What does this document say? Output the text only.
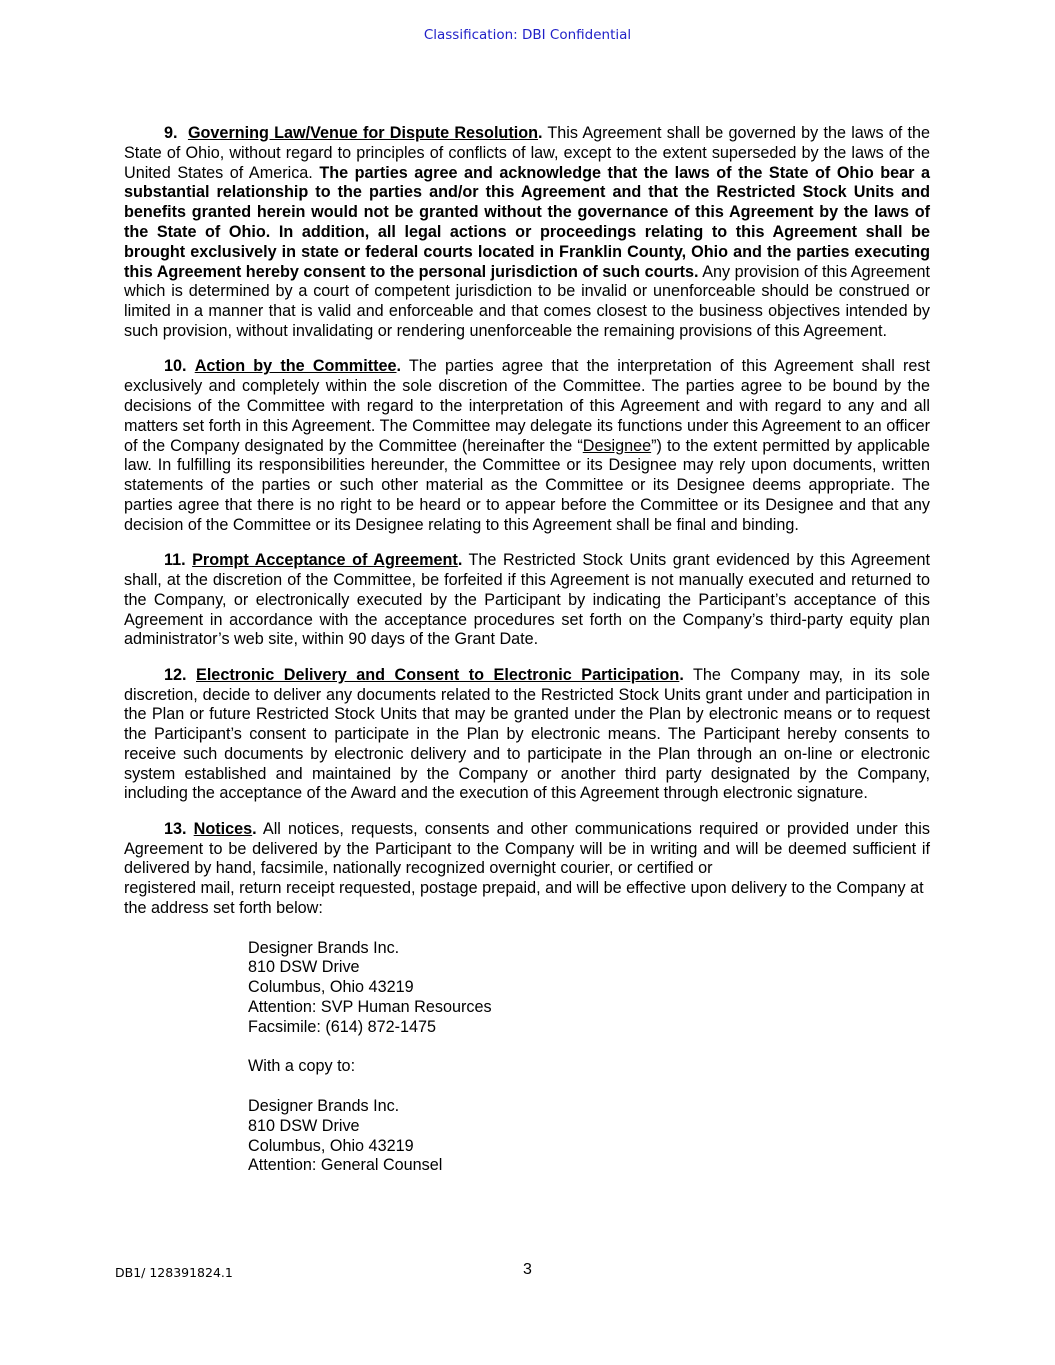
Classification: DBI Confidential

9. Governing Law/Venue for Dispute Resolution. This Agreement shall be governed by the laws of the State of Ohio, without regard to principles of conflicts of law, except to the extent superseded by the laws of the United States of America. The parties agree and acknowledge that the laws of the State of Ohio bear a substantial relationship to the parties and/or this Agreement and that the Restricted Stock Units and benefits granted herein would not be granted without the governance of this Agreement by the laws of the State of Ohio. In addition, all legal actions or proceedings relating to this Agreement shall be brought exclusively in state or federal courts located in Franklin County, Ohio and the parties executing this Agreement hereby consent to the personal jurisdiction of such courts. Any provision of this Agreement which is determined by a court of competent jurisdiction to be invalid or unenforceable should be construed or limited in a manner that is valid and enforceable and that comes closest to the business objectives intended by such provision, without invalidating or rendering unenforceable the remaining provisions of this Agreement.

10. Action by the Committee. The parties agree that the interpretation of this Agreement shall rest exclusively and completely within the sole discretion of the Committee. The parties agree to be bound by the decisions of the Committee with regard to the interpretation of this Agreement and with regard to any and all matters set forth in this Agreement. The Committee may delegate its functions under this Agreement to an officer of the Company designated by the Committee (hereinafter the “Designee”) to the extent permitted by applicable law. In fulfilling its responsibilities hereunder, the Committee or its Designee may rely upon documents, written statements of the parties or such other material as the Committee or its Designee deems appropriate. The parties agree that there is no right to be heard or to appear before the Committee or its Designee and that any decision of the Committee or its Designee relating to this Agreement shall be final and binding.

11. Prompt Acceptance of Agreement. The Restricted Stock Units grant evidenced by this Agreement shall, at the discretion of the Committee, be forfeited if this Agreement is not manually executed and returned to the Company, or electronically executed by the Participant by indicating the Participant’s acceptance of this Agreement in accordance with the acceptance procedures set forth on the Company’s third-party equity plan administrator’s web site, within 90 days of the Grant Date.

12. Electronic Delivery and Consent to Electronic Participation. The Company may, in its sole discretion, decide to deliver any documents related to the Restricted Stock Units grant under and participation in the Plan or future Restricted Stock Units that may be granted under the Plan by electronic means or to request the Participant’s consent to participate in the Plan by electronic means. The Participant hereby consents to receive such documents by electronic delivery and to participate in the Plan through an on-line or electronic system established and maintained by the Company or another third party designated by the Company, including the acceptance of the Award and the execution of this Agreement through electronic signature.

13. Notices. All notices, requests, consents and other communications required or provided under this Agreement to be delivered by the Participant to the Company will be in writing and will be deemed sufficient if delivered by hand, facsimile, nationally recognized overnight courier, or certified or

registered mail, return receipt requested, postage prepaid, and will be effective upon delivery to the Company at the address set forth below:

Designer Brands Inc.
810 DSW Drive
Columbus, Ohio 43219
Attention: SVP Human Resources
Facsimile: (614) 872-1475
With a copy to:
Designer Brands Inc.
810 DSW Drive
Columbus, Ohio 43219
Attention: General Counsel
DB1/ 128391824.1	3
